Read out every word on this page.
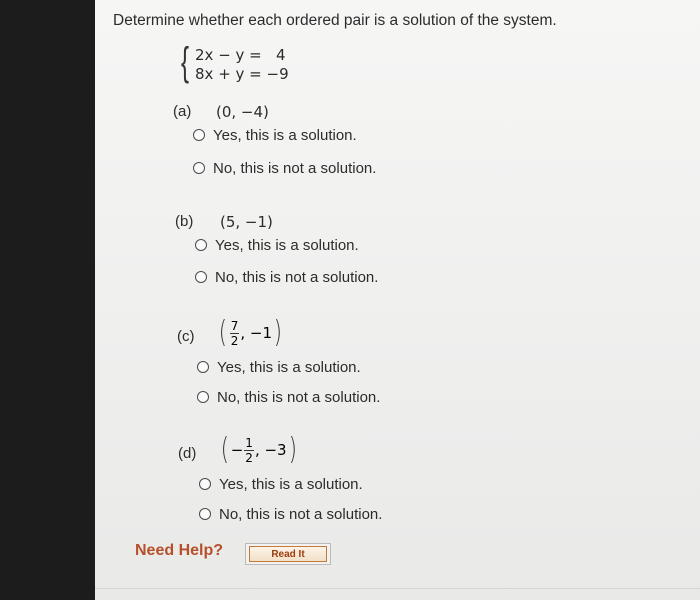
Determine whether each ordered pair is a solution of the system.
{ 2x − y =   4
8x + y = −9
(a) (0, −4)
Yes, this is a solution.
No, this is not a solution.
(b) (5, −1)
Yes, this is a solution.
No, this is not a solution.
(c) ( $\frac{7}{2}$ , −1 )
Yes, this is a solution.
No, this is not a solution.
(d) ( − $\frac{1}{2}$ , −3 )
Yes, this is a solution.
No, this is not a solution.
Need Help?	Read It
